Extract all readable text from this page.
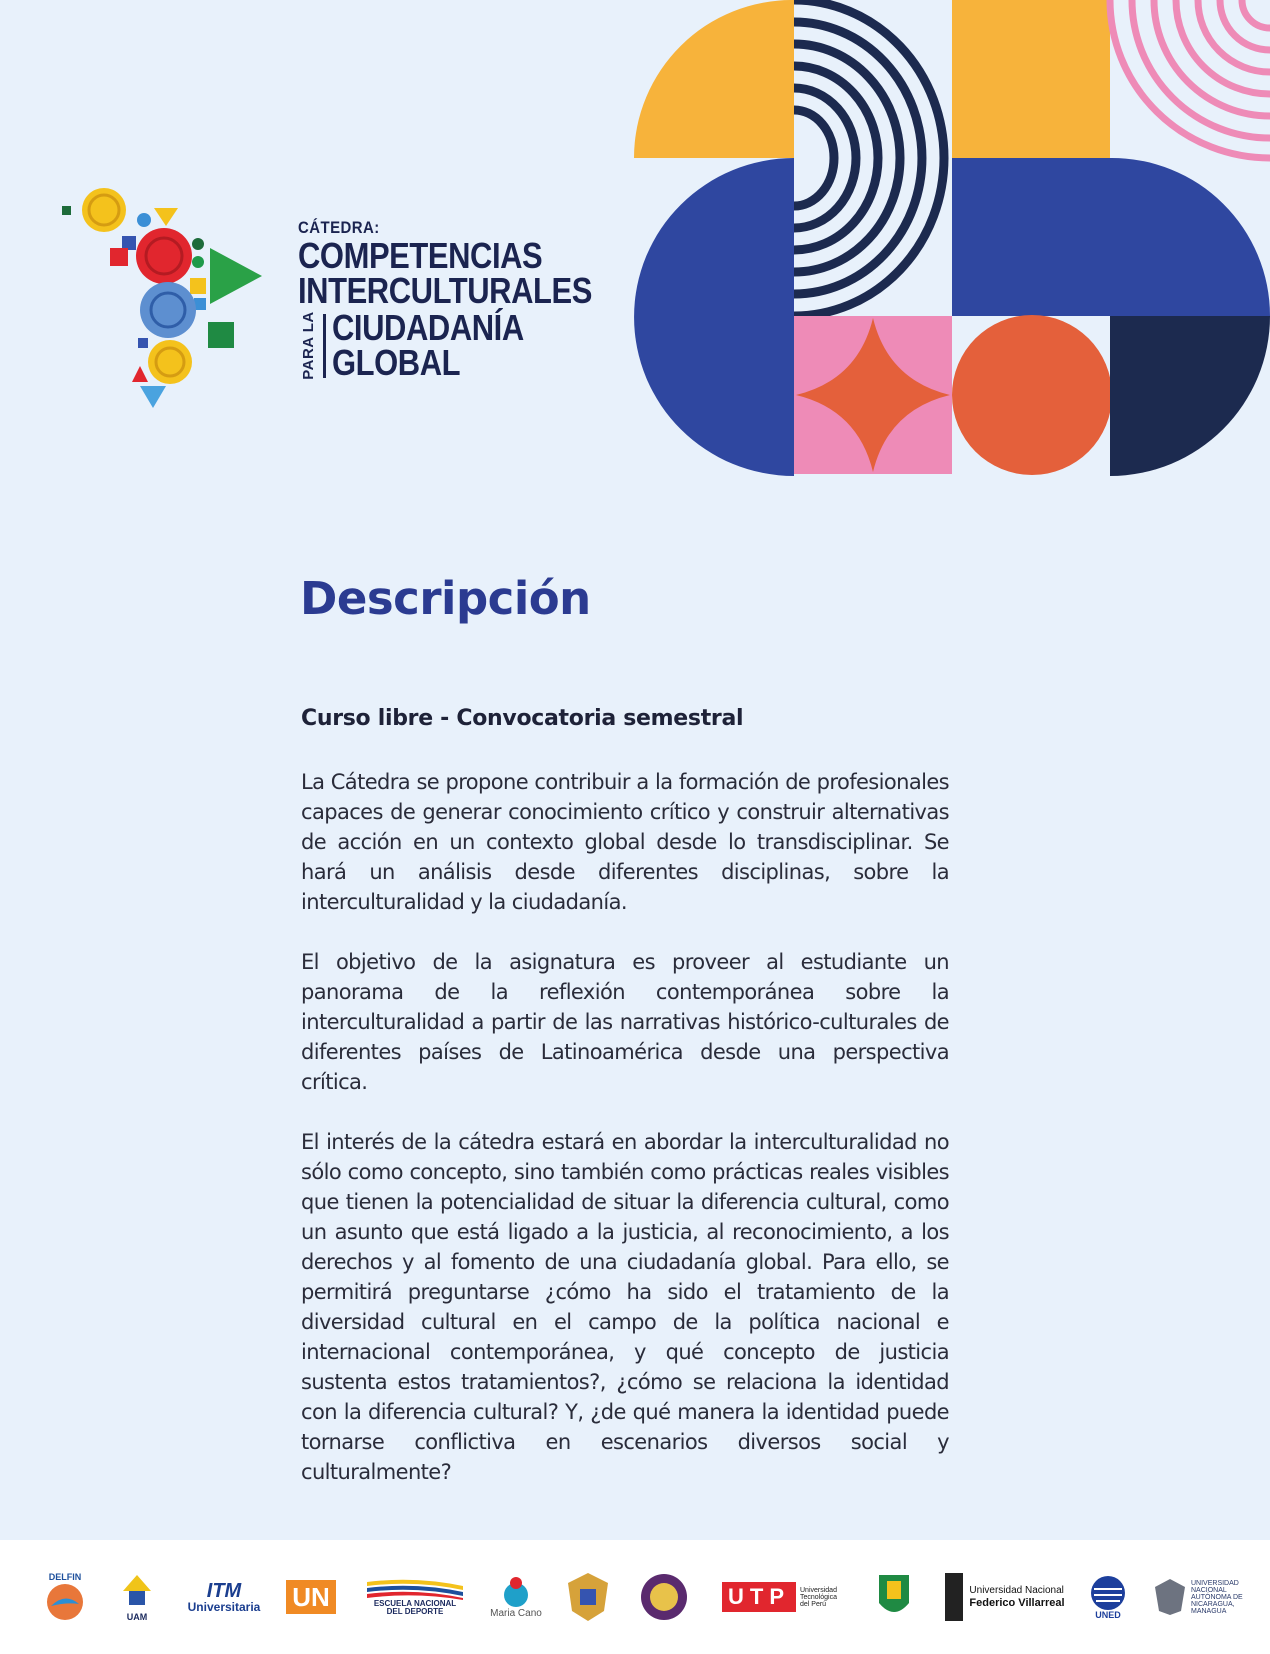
CÁTEDRA:
COMPETENCIAS
INTERCULTURALES
PARA LA CIUDADANÍA
GLOBAL
Descripción
Curso libre - Convocatoria semestral

La Cátedra se propone contribuir a la formación de profesionales capaces de generar conocimiento crítico y construir alternativas de acción en un contexto global desde lo transdisciplinar. Se hará un análisis desde diferentes disciplinas, sobre la interculturalidad y la ciudadanía.

El objetivo de la asignatura es proveer al estudiante un panorama de la reflexión contemporánea sobre la interculturalidad a partir de las narrativas histórico-culturales de diferentes países de Latinoamérica desde una perspectiva crítica.

El interés de la cátedra estará en abordar la interculturalidad no sólo como concepto, sino también como prácticas reales visibles que tienen la potencialidad de situar la diferencia cultural, como un asunto que está ligado a la justicia, al reconocimiento, a los derechos y al fomento de una ciudadanía global. Para ello, se permitirá preguntarse ¿cómo ha sido el tratamiento de la diversidad cultural en el campo de la política nacional e internacional contemporánea, y qué concepto de justicia sustenta estos tratamientos?, ¿cómo se relaciona la identidad con la diferencia cultural? Y, ¿de qué manera la identidad puede tornarse conflictiva en escenarios diversos social y culturalmente?

DELFIN
UAM
ITM
Universitaria UN	ESCUELA NACIONAL DEL DEPORTE	Maria Cano
UTP	Universidad Tecnológica del Perú
Universidad Nacional
Federico Villarreal
UNED
UNIVERSIDAD NACIONAL AUTÓNOMA DE NICARAGUA, MANAGUA
